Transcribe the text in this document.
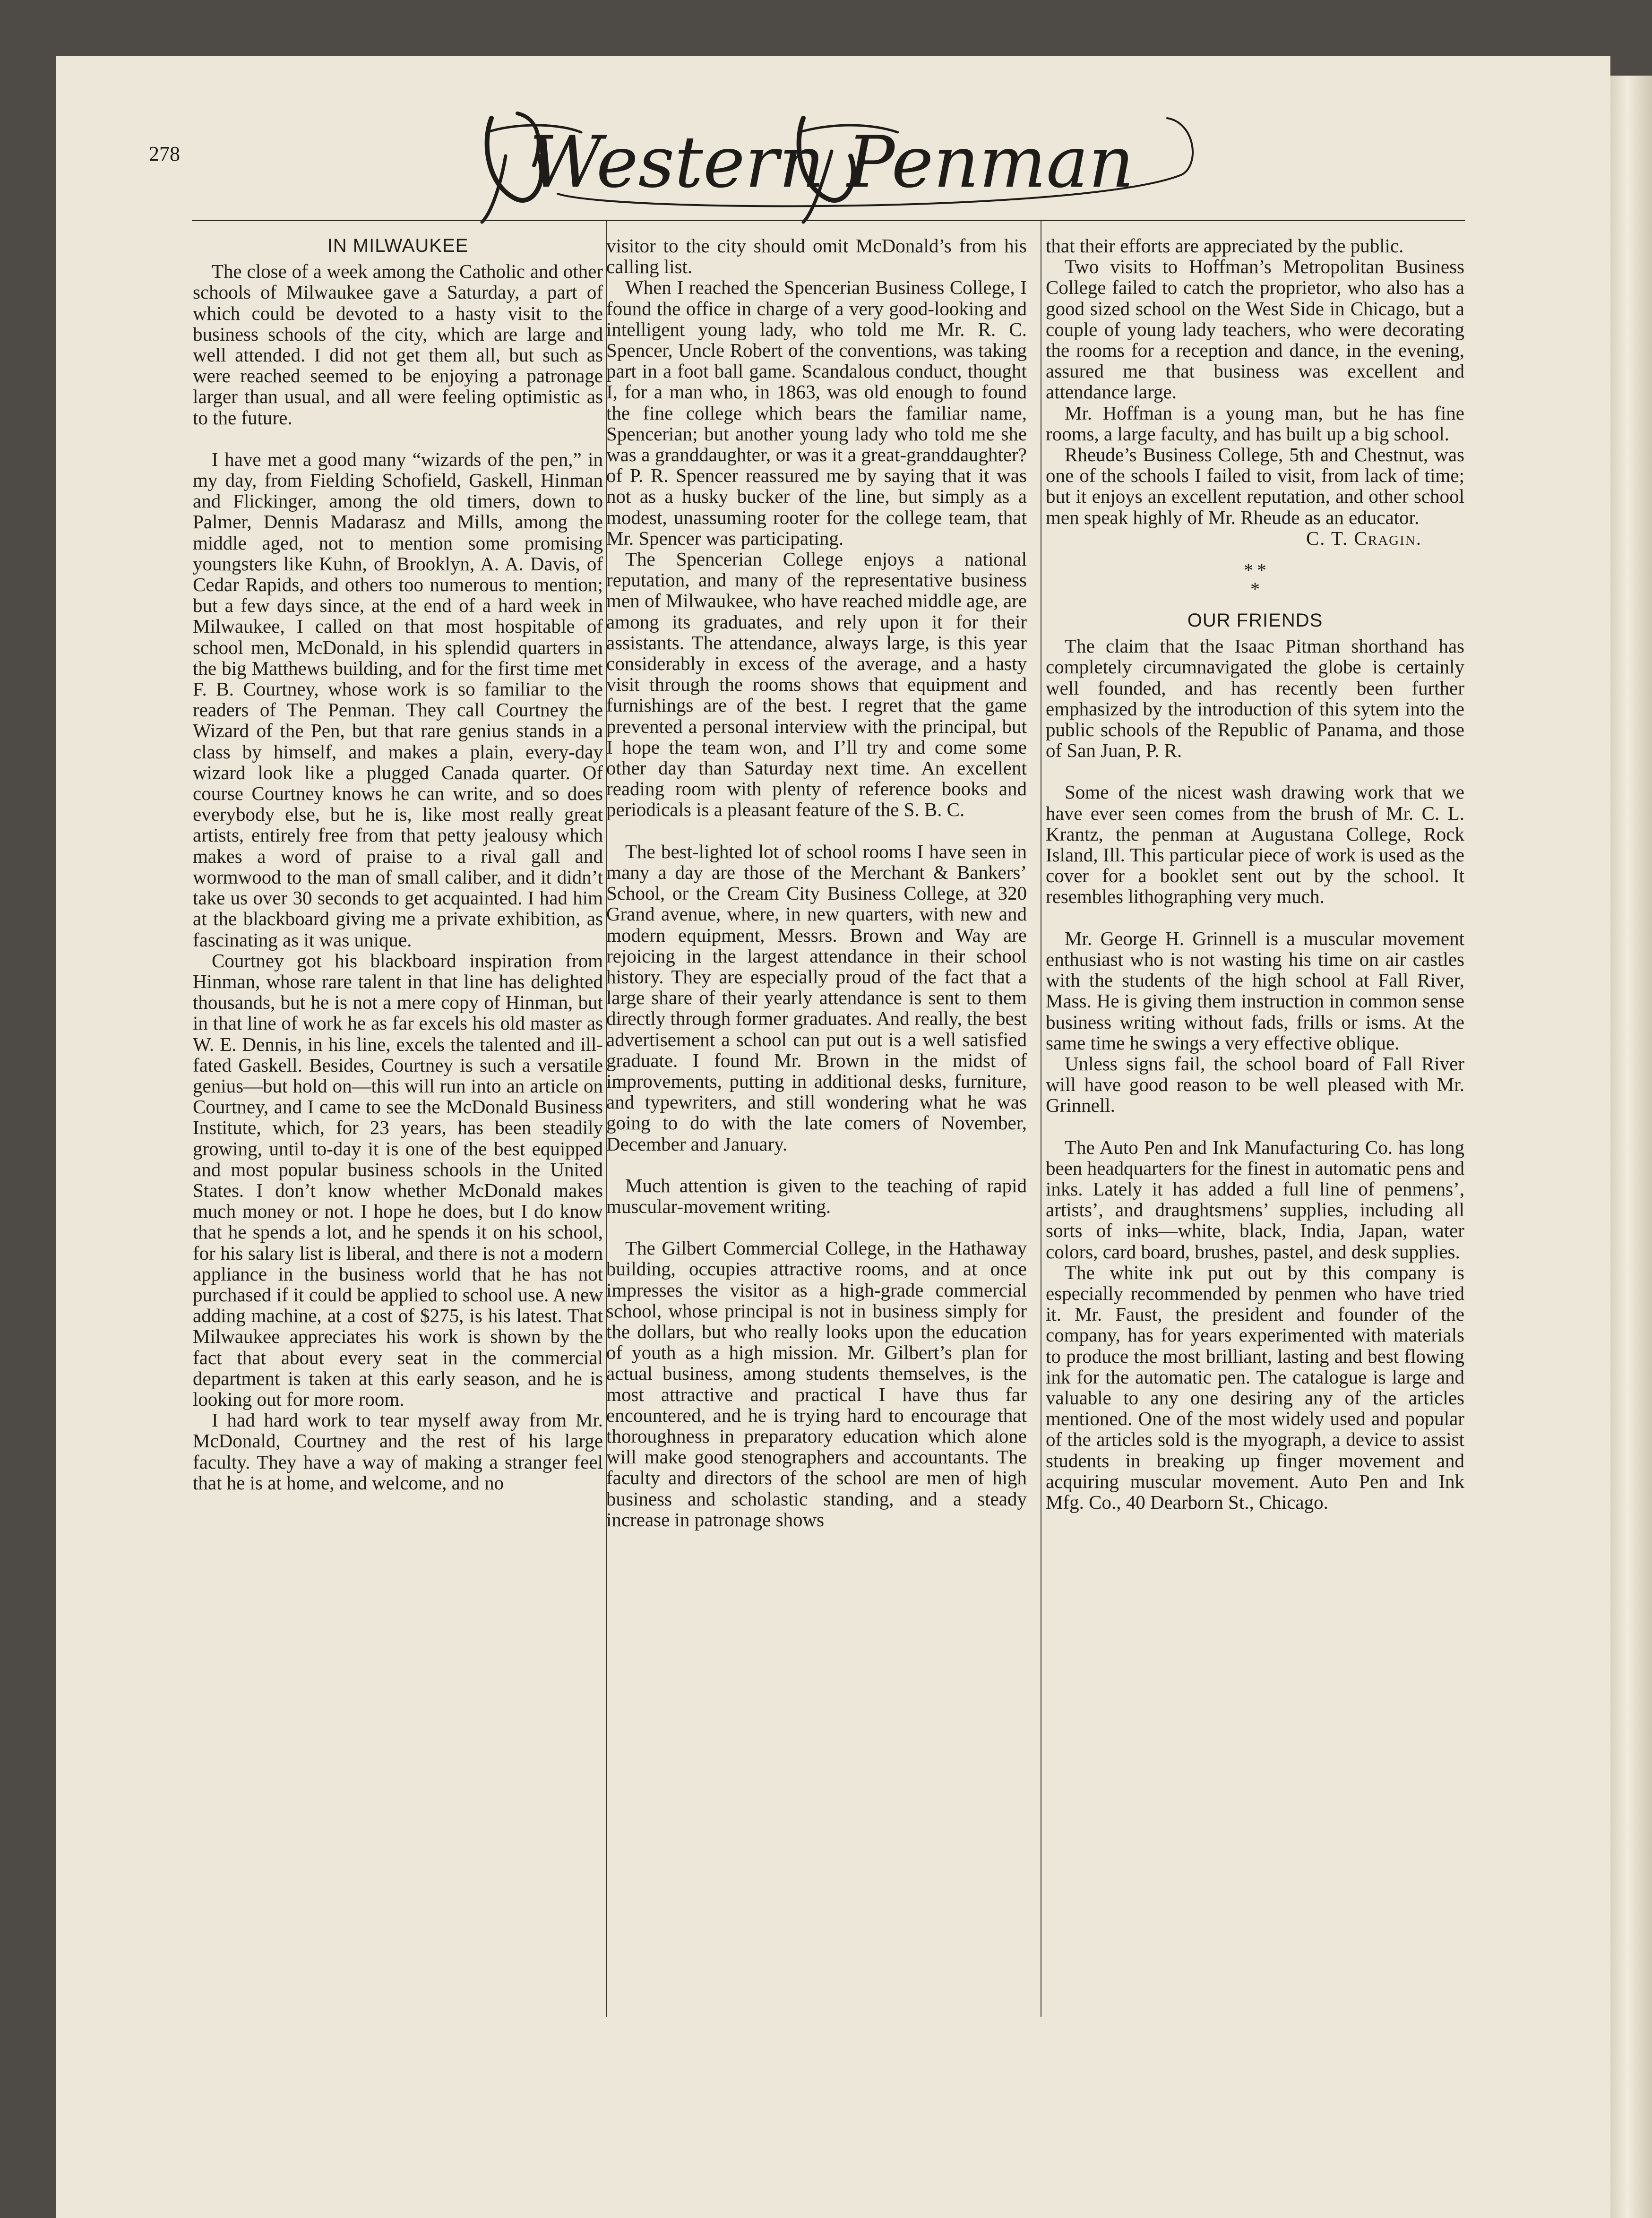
278	Western Penman
IN MILWAUKEE

The close of a week among the Catholic and other schools of Milwaukee gave a Saturday, a part of which could be devoted to a hasty visit to the business schools of the city, which are large and well attended. I did not get them all, but such as were reached seemed to be enjoying a patronage larger than usual, and all were feeling optimistic as to the future.

I have met a good many “wizards of the pen,” in my day, from Fielding Schofield, Gaskell, Hinman and Flickinger, among the old timers, down to Palmer, Dennis Madarasz and Mills, among the middle aged, not to mention some promising youngsters like Kuhn, of Brooklyn, A. A. Davis, of Cedar Rapids, and others too numerous to mention; but a few days since, at the end of a hard week in Milwaukee, I called on that most hospitable of school men, McDonald, in his splendid quarters in the big Matthews building, and for the first time met F. B. Courtney, whose work is so familiar to the readers of The Penman. They call Courtney the Wizard of the Pen, but that rare genius stands in a class by himself, and makes a plain, every-day wizard look like a plugged Canada quarter. Of course Courtney knows he can write, and so does everybody else, but he is, like most really great artists, entirely free from that petty jealousy which makes a word of praise to a rival gall and wormwood to the man of small caliber, and it didn’t take us over 30 seconds to get acquainted. I had him at the blackboard giving me a private exhibition, as fascinating as it was unique.

Courtney got his blackboard inspiration from Hinman, whose rare talent in that line has delighted thousands, but he is not a mere copy of Hinman, but in that line of work he as far excels his old master as W. E. Dennis, in his line, excels the talented and ill-fated Gaskell. Besides, Courtney is such a versatile genius—but hold on—this will run into an article on Courtney, and I came to see the McDonald Business Institute, which, for 23 years, has been steadily growing, until to-day it is one of the best equipped and most popular business schools in the United States. I don’t know whether McDonald makes much money or not. I hope he does, but I do know that he spends a lot, and he spends it on his school, for his salary list is liberal, and there is not a modern appliance in the business world that he has not purchased if it could be applied to school use. A new adding machine, at a cost of $275, is his latest. That Milwaukee appreciates his work is shown by the fact that about every seat in the commercial department is taken at this early season, and he is looking out for more room.

I had hard work to tear myself away from Mr. McDonald, Courtney and the rest of his large faculty. They have a way of making a stranger feel that he is at home, and welcome, and no

visitor to the city should omit McDonald’s from his calling list.

When I reached the Spencerian Business College, I found the office in charge of a very good-looking and intelligent young lady, who told me Mr. R. C. Spencer, Uncle Robert of the conventions, was taking part in a foot ball game. Scandalous conduct, thought I, for a man who, in 1863, was old enough to found the fine college which bears the familiar name, Spencerian; but another young lady who told me she was a granddaughter, or was it a great-granddaughter? of P. R. Spencer reassured me by saying that it was not as a husky bucker of the line, but simply as a modest, unassuming rooter for the college team, that Mr. Spencer was participating.

The Spencerian College enjoys a national reputation, and many of the representative business men of Milwaukee, who have reached middle age, are among its graduates, and rely upon it for their assistants. The attendance, always large, is this year considerably in excess of the average, and a hasty visit through the rooms shows that equipment and furnishings are of the best. I regret that the game prevented a personal interview with the principal, but I hope the team won, and I’ll try and come some other day than Saturday next time. An excellent reading room with plenty of reference books and periodicals is a pleasant feature of the S. B. C.

The best-lighted lot of school rooms I have seen in many a day are those of the Merchant & Bankers’ School, or the Cream City Business College, at 320 Grand avenue, where, in new quarters, with new and modern equipment, Messrs. Brown and Way are rejoicing in the largest attendance in their school history. They are especially proud of the fact that a large share of their yearly attendance is sent to them directly through former graduates. And really, the best advertisement a school can put out is a well satisfied graduate. I found Mr. Brown in the midst of improvements, putting in additional desks, furniture, and typewriters, and still wondering what he was going to do with the late comers of November, December and January.

Much attention is given to the teaching of rapid muscular-movement writing.

The Gilbert Commercial College, in the Hathaway building, occupies attractive rooms, and at once impresses the visitor as a high-grade commercial school, whose principal is not in business simply for the dollars, but who really looks upon the education of youth as a high mission. Mr. Gilbert’s plan for actual business, among students themselves, is the most attractive and practical I have thus far encountered, and he is trying hard to encourage that thoroughness in preparatory education which alone will make good stenographers and accountants. The faculty and directors of the school are men of high business and scholastic standing, and a steady increase in patronage shows

that their efforts are appreciated by the public.

Two visits to Hoffman’s Metropolitan Business College failed to catch the proprietor, who also has a good sized school on the West Side in Chicago, but a couple of young lady teachers, who were decorating the rooms for a reception and dance, in the evening, assured me that business was excellent and attendance large.

Mr. Hoffman is a young man, but he has fine rooms, a large faculty, and has built up a big school.

Rheude’s Business College, 5th and Chestnut, was one of the schools I failed to visit, from lack of time; but it enjoys an excellent reputation, and other school men speak highly of Mr. Rheude as an educator.

C. T. Cragin.
* *
*
OUR FRIENDS

The claim that the Isaac Pitman shorthand has completely circumnavigated the globe is certainly well founded, and has recently been further emphasized by the introduction of this sytem into the public schools of the Republic of Panama, and those of San Juan, P. R.

Some of the nicest wash drawing work that we have ever seen comes from the brush of Mr. C. L. Krantz, the penman at Augustana College, Rock Island, Ill. This particular piece of work is used as the cover for a booklet sent out by the school. It resembles lithographing very much.

Mr. George H. Grinnell is a muscular movement enthusiast who is not wasting his time on air castles with the students of the high school at Fall River, Mass. He is giving them instruction in common sense business writing without fads, frills or isms. At the same time he swings a very effective oblique.

Unless signs fail, the school board of Fall River will have good reason to be well pleased with Mr. Grinnell.

The Auto Pen and Ink Manufacturing Co. has long been headquarters for the finest in automatic pens and inks. Lately it has added a full line of penmens’, artists’, and draughtsmens’ supplies, including all sorts of inks—white, black, India, Japan, water colors, card board, brushes, pastel, and desk supplies.

The white ink put out by this company is especially recommended by penmen who have tried it. Mr. Faust, the president and founder of the company, has for years experimented with materials to produce the most brilliant, lasting and best flowing ink for the automatic pen. The catalogue is large and valuable to any one desiring any of the articles mentioned. One of the most widely used and popular of the articles sold is the myograph, a device to assist students in breaking up finger movement and acquiring muscular movement. Auto Pen and Ink Mfg. Co., 40 Dearborn St., Chicago.
